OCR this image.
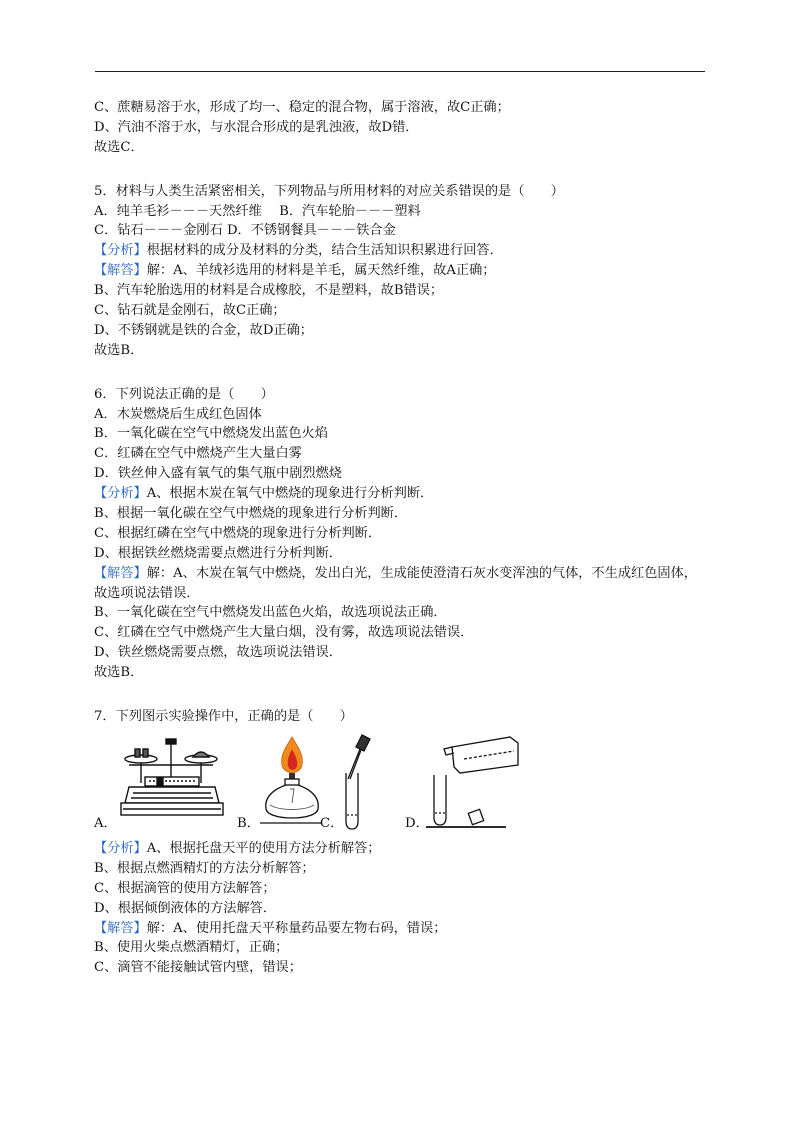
C、蔗糖易溶于水，形成了均一、稳定的混合物，属于溶液，故C正确；
D、汽油不溶于水，与水混合形成的是乳浊液，故D错．
故选C．
5．材料与人类生活紧密相关，下列物品与所用材料的对应关系错误的是（　　）
A．纯羊毛衫－－－天然纤维　 B．汽车轮胎－－－塑料
C．钻石－－－金刚石 D．不锈钢餐具－－－铁合金
【分析】根据材料的成分及材料的分类，结合生活知识积累进行回答．
【解答】解：A、羊绒衫选用的材料是羊毛，属天然纤维，故A正确；
B、汽车轮胎选用的材料是合成橡胶，不是塑料，故B错误；
C、钻石就是金刚石，故C正确；
D、不锈钢就是铁的合金，故D正确；
故选B．
6．下列说法正确的是（　　）
A．木炭燃烧后生成红色固体
B．一氧化碳在空气中燃烧发出蓝色火焰
C．红磷在空气中燃烧产生大量白雾
D．铁丝伸入盛有氧气的集气瓶中剧烈燃烧
【分析】A、根据木炭在氧气中燃烧的现象进行分析判断．
B、根据一氧化碳在空气中燃烧的现象进行分析判断．
C、根据红磷在空气中燃烧的现象进行分析判断．
D、根据铁丝燃烧需要点燃进行分析判断．
【解答】解：A、木炭在氧气中燃烧，发出白光，生成能使澄清石灰水变浑浊的气体，不生成红色固体，
故选项说法错误．
B、一氧化碳在空气中燃烧发出蓝色火焰，故选项说法正确．
C、红磷在空气中燃烧产生大量白烟，没有雾，故选项说法错误．
D、铁丝燃烧需要点燃，故选项说法错误．
故选B．
7．下列图示实验操作中，正确的是（　　）
A．	B．	C．	D．
【分析】A、根据托盘天平的使用方法分析解答；
B、根据点燃酒精灯的方法分析解答；
C、根据滴管的使用方法解答；
D、根据倾倒液体的方法解答．
【解答】解：A、使用托盘天平称量药品要左物右码，错误；
B、使用火柴点燃酒精灯，正确；
C、滴管不能接触试管内壁，错误；
